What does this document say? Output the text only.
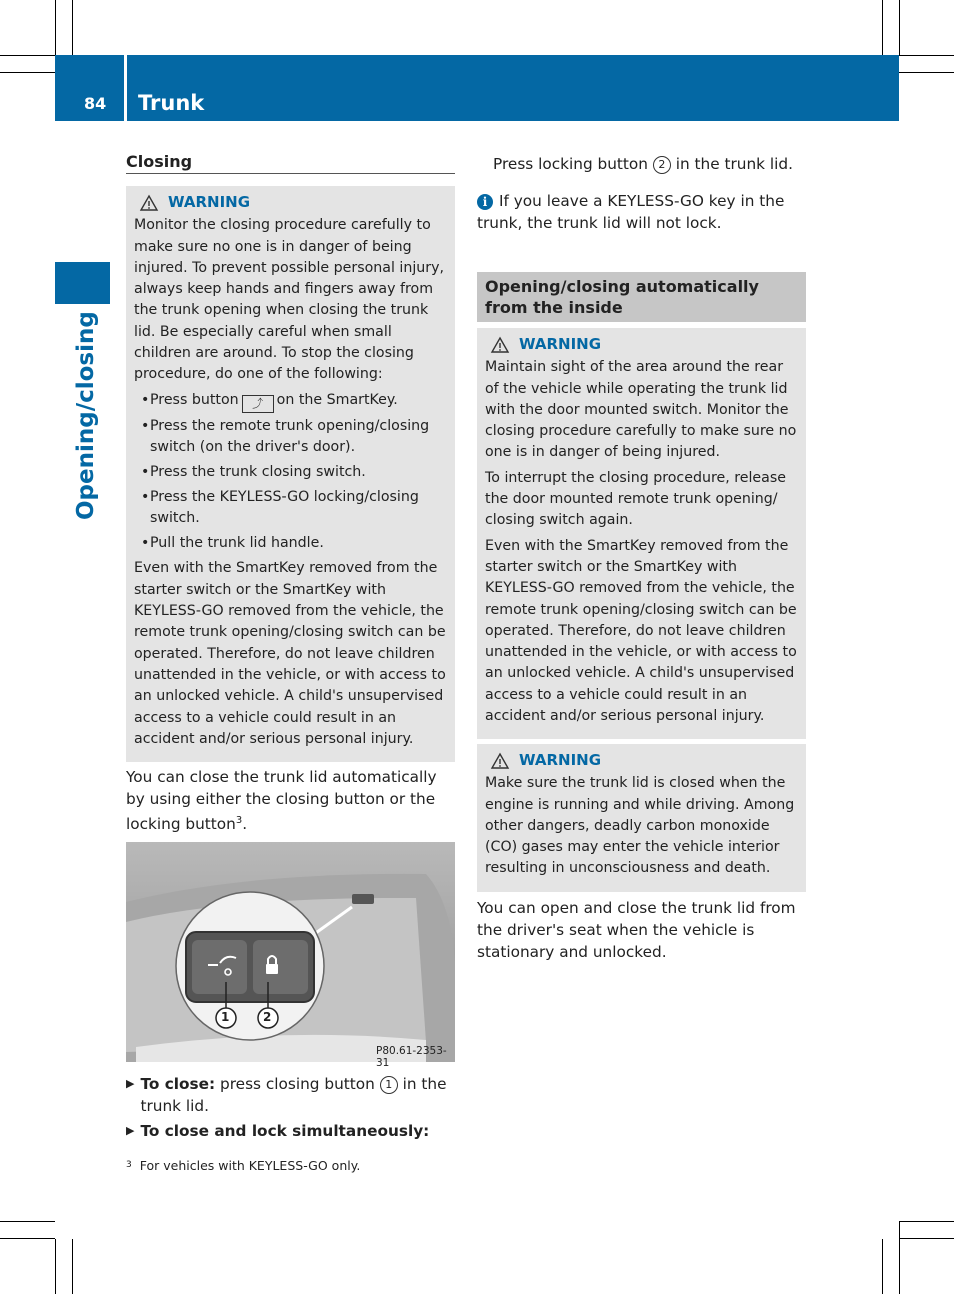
84 Trunk
Opening/closing
Closing
WARNING

Monitor the closing procedure carefully to make sure no one is in danger of being injured. To prevent possible personal injury, always keep hands and fingers away from the trunk opening when closing the trunk lid. Be especially careful when small children are around. To stop the closing procedure, do one of the following:

• Press button ⤴ on the SmartKey.
• Press the remote trunk opening/closing switch (on the driver's door).
• Press the trunk closing switch.
• Press the KEYLESS-GO locking/closing switch.
• Pull the trunk lid handle.

Even with the SmartKey removed from the starter switch or the SmartKey with KEYLESS-GO removed from the vehicle, the remote trunk opening/closing switch can be operated. Therefore, do not leave children unattended in the vehicle, or with access to an unlocked vehicle. A child's unsupervised access to a vehicle could result in an accident and/or serious personal injury.

You can close the trunk lid automatically by using either the closing button or the locking button$^3$.

1	2
P80.61-2353-31
▶ To close: press closing button 1 in the trunk lid.
▶ To close and lock simultaneously:
$^3$ For vehicles with KEYLESS-GO only.
Press locking button 2 in the trunk lid.
i If you leave a KEYLESS-GO key in the trunk, the trunk lid will not lock.
Opening/closing automatically from the inside
WARNING

Maintain sight of the area around the rear of the vehicle while operating the trunk lid with the door mounted switch. Monitor the closing procedure carefully to make sure no one is in danger of being injured.

To interrupt the closing procedure, release the door mounted remote trunk opening/ closing switch again.

Even with the SmartKey removed from the starter switch or the SmartKey with KEYLESS-GO removed from the vehicle, the remote trunk opening/closing switch can be operated. Therefore, do not leave children unattended in the vehicle, or with access to an unlocked vehicle. A child's unsupervised access to a vehicle could result in an accident and/or serious personal injury.

WARNING

Make sure the trunk lid is closed when the engine is running and while driving. Among other dangers, deadly carbon monoxide (CO) gases may enter the vehicle interior resulting in unconsciousness and death.

You can open and close the trunk lid from the driver's seat when the vehicle is stationary and unlocked.
